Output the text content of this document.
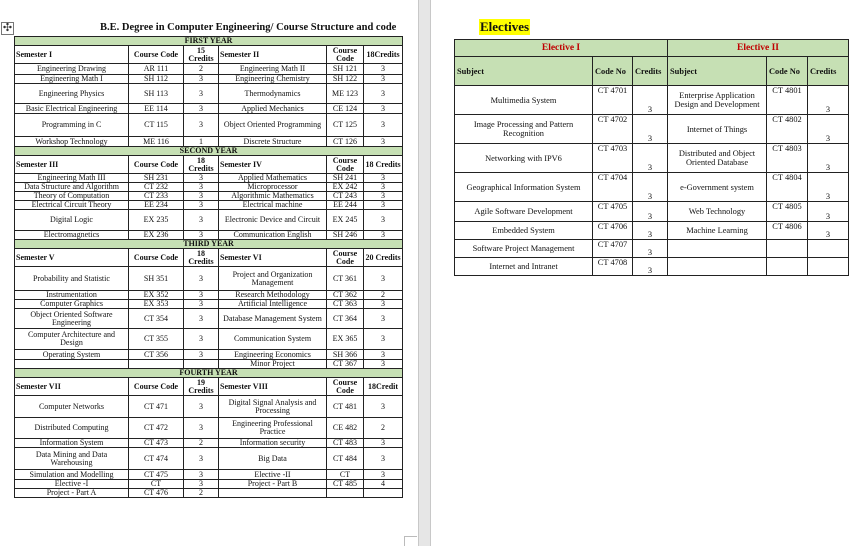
✣	B.E. Degree in Computer Engineering/ Course Structure and code
FIRST YEAR					
Semester I	Course Code	15 Credits	Semester II	Course Code	18Credits
Engineering Drawing	AR 111	2	Engineering Math II	SH 121	3
Engineering Math I	SH 112	3	Engineering Chemistry	SH 122	3
Engineering Physics	SH 113	3	Thermodynamics	ME 123	3
Basic Electrical Engineering	EE 114	3	Applied Mechanics	CE 124	3
Programming in C	CT 115	3	Object Oriented Programming	CT 125	3
Workshop Technology	ME 116	1	Discrete Structure	CT 126	3
SECOND YEAR					
Semester III	Course Code	18 Credits	Semester IV	Course Code	18 Credits
Engineering Math III	SH 231	3	Applied Mathematics	SH 241	3
Data Structure and Algorithm	CT 232	3	Microprocessor	EX 242	3
Theory of Computation	CT 233	3	Algorithmic Mathematics	CT 243	3
Electrical Circuit Theory	EE 234	3	Electrical machine	EE 244	3
Digital Logic	EX 235	3	Electronic Device and Circuit	EX 245	3
Electromagnetics	EX 236	3	Communication English	SH 246	3
THIRD YEAR					
Semester V	Course Code	18 Credits	Semester VI	Course Code	20 Credits
Probability and Statistic	SH 351	3	Project and Organization Management	CT 361	3
Instrumentation	EX 352	3	Research Methodology	CT 362	2
Computer Graphics	EX 353	3	Artificial Intelligence	CT 363	3
Object Oriented Software Engineering	CT 354	3	Database Management System	CT 364	3
Computer Architecture and Design	CT 355	3	Communication System	EX 365	3
Operating System	CT 356	3	Engineering Economics	SH 366	3
			Minor Project	CT 367	3
FOURTH YEAR					
Semester VII	Course Code	19 Credits	Semester VIII	Course Code	18Credit
Computer Networks	CT 471	3	Digital Signal Analysis and Processing	CT 481	3
Distributed Computing	CT 472	3	Engineering Professional Practice	CE 482	2
Information System	CT 473	2	Information security	CT 483	3
Data Mining and Data Warehousing	CT 474	3	Big Data	CT 484	3
Simulation and Modelling	CT 475	3	Elective -II	CT	3
Elective -I	CT	3	Project - Part B	CT 485	4
Project - Part A	CT 476	2			
Electives
Elective I			Elective II		
Subject	Code No	Credits	Subject	Code No	Credits
Multimedia System	CT 4701	3	Enterprise Application Design and Development	CT 4801	3
Image Processing and Pattern Recognition	CT 4702	3	Internet of Things	CT 4802	3
Networking with IPV6	CT 4703	3	Distributed and Object Oriented Database	CT 4803	3
Geographical Information System	CT 4704	3	e-Government system	CT 4804	3
Agile Software Development	CT 4705	3	Web Technology	CT 4805	3
Embedded System	CT 4706	3	Machine Learning	CT 4806	3
Software Project Management	CT 4707	3			
Internet and Intranet	CT 4708	3			
